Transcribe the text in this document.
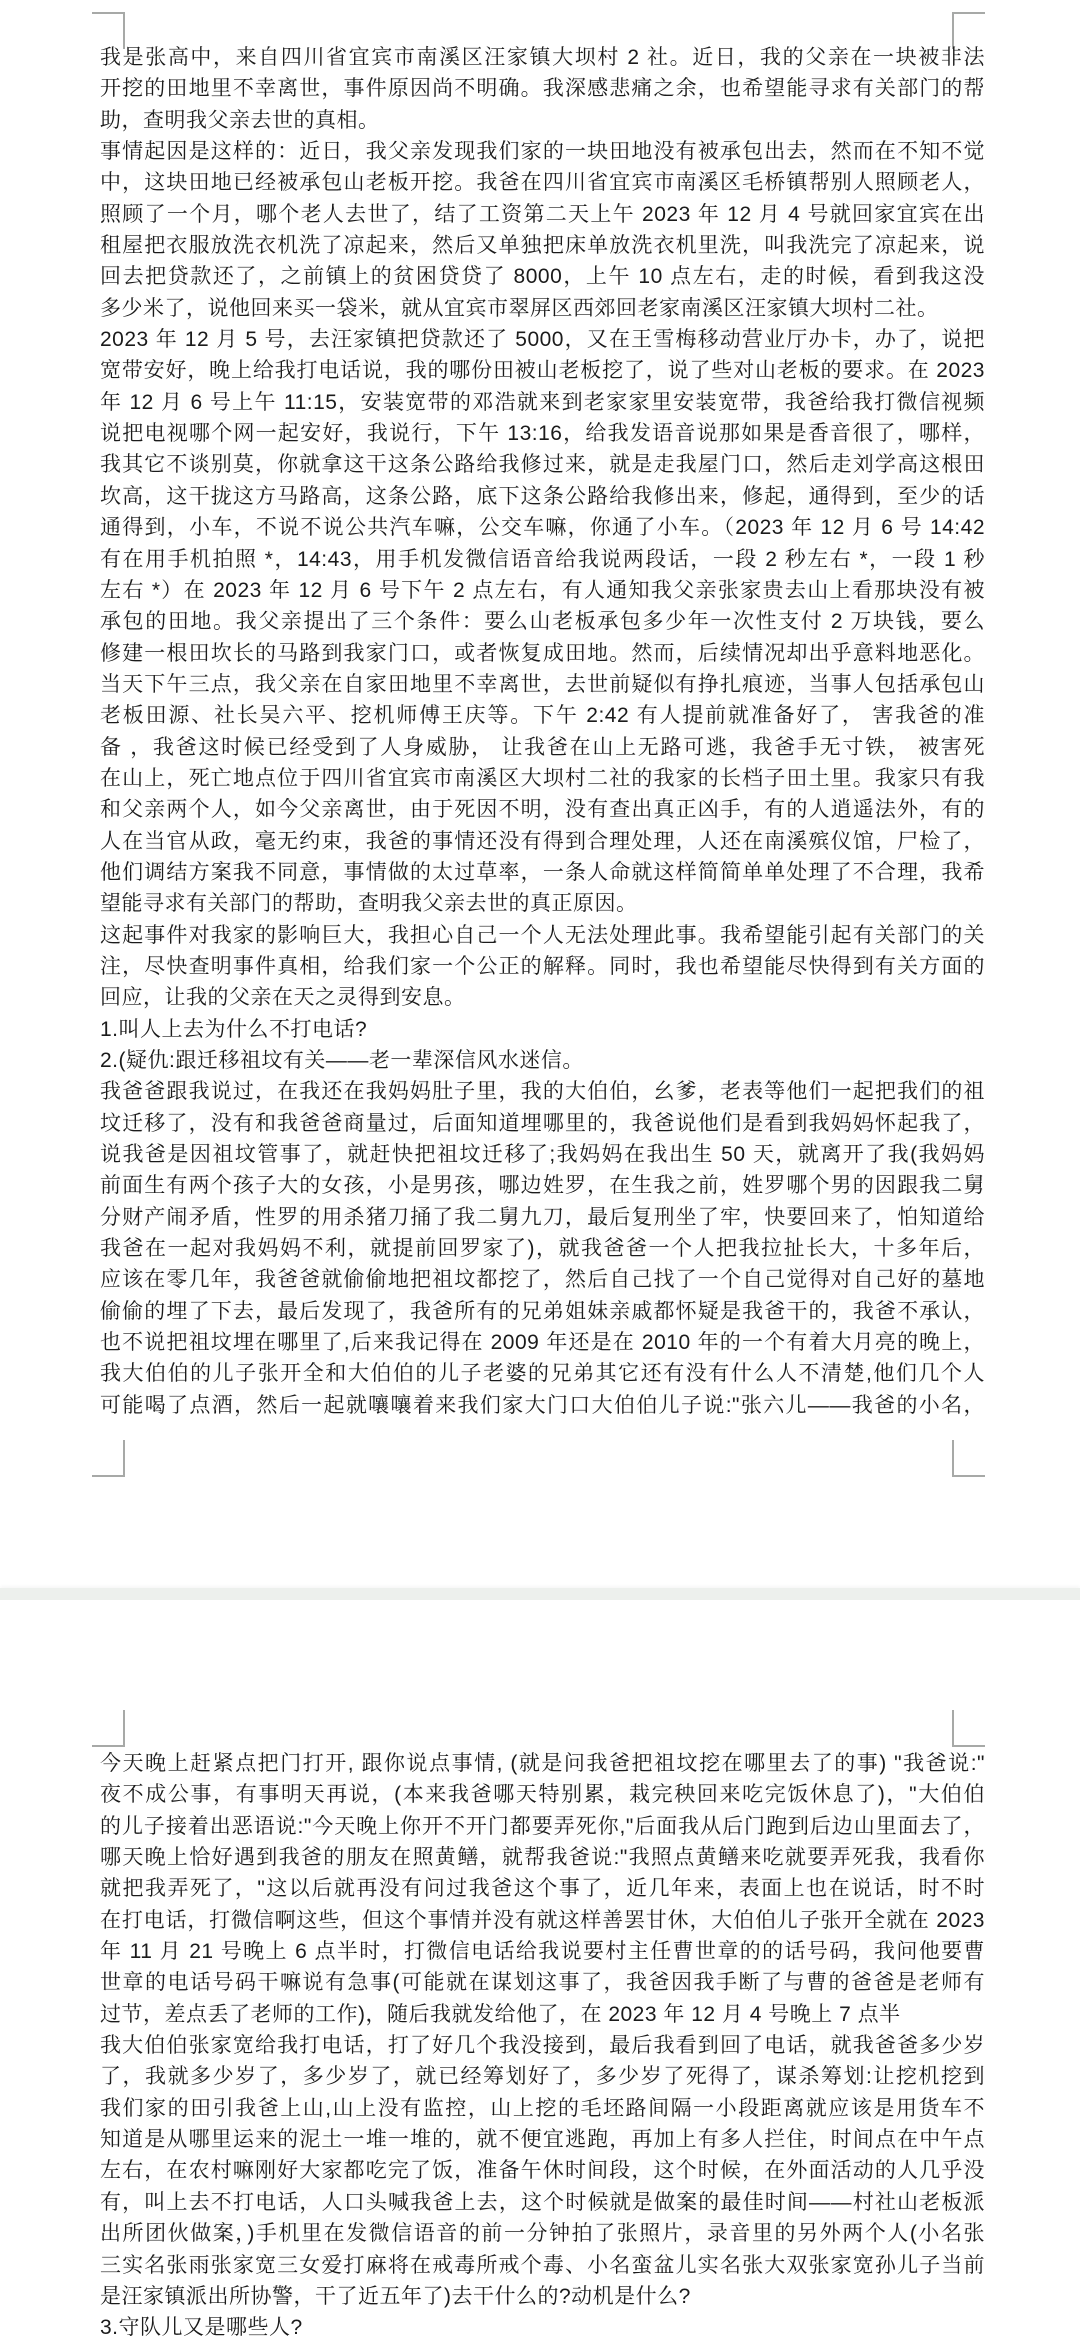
我是张高中，来自四川省宜宾市南溪区汪家镇大坝村 2 社。近日，我的父亲在一块被非法
开挖的田地里不幸离世，事件原因尚不明确。我深感悲痛之余，也希望能寻求有关部门的帮
助，查明我父亲去世的真相。
事情起因是这样的：近日，我父亲发现我们家的一块田地没有被承包出去，然而在不知不觉
中，这块田地已经被承包山老板开挖。我爸在四川省宜宾市南溪区毛桥镇帮别人照顾老人，
照顾了一个月，哪个老人去世了，结了工资第二天上午 2023 年 12 月 4 号就回家宜宾在出
租屋把衣服放洗衣机洗了凉起来，然后又单独把床单放洗衣机里洗，叫我洗完了凉起来，说
回去把贷款还了，之前镇上的贫困贷贷了 8000，上午 10 点左右，走的时候，看到我这没
多少米了，说他回来买一袋米，就从宜宾市翠屏区西郊回老家南溪区汪家镇大坝村二社。
2023 年 12 月 5 号，去汪家镇把贷款还了 5000，又在王雪梅移动营业厅办卡，办了，说把
宽带安好，晚上给我打电话说，我的哪份田被山老板挖了，说了些对山老板的要求。在 2023
年 12 月 6 号上午 11:15，安装宽带的邓浩就来到老家家里安装宽带，我爸给我打微信视频
说把电视哪个网一起安好，我说行，下午 13:16，给我发语音说那如果是香音很了，哪样，
我其它不谈别莫，你就拿这干这条公路给我修过来，就是走我屋门口，然后走刘学高这根田
坎高，这干拢这方马路高，这条公路，底下这条公路给我修出来，修起，通得到，至少的话
通得到，小车，不说不说公共汽车嘛，公交车嘛，你通了小车。（2023 年 12 月 6 号 14:42
有在用手机拍照 *，14:43，用手机发微信语音给我说两段话，一段 2 秒左右 *，一段 1 秒
左右 *）在 2023 年 12 月 6 号下午 2 点左右，有人通知我父亲张家贵去山上看那块没有被
承包的田地。我父亲提出了三个条件：要么山老板承包多少年一次性支付 2 万块钱，要么
修建一根田坎长的马路到我家门口，或者恢复成田地。然而，后续情况却出乎意料地恶化。
当天下午三点，我父亲在自家田地里不幸离世，去世前疑似有挣扎痕迹，当事人包括承包山
老板田源、社长吴六平、挖机师傅王庆等。下午 2:42 有人提前就准备好了， 害我爸的准
备 ，我爸这时候已经受到了人身威胁， 让我爸在山上无路可逃，我爸手无寸铁， 被害死
在山上，死亡地点位于四川省宜宾市南溪区大坝村二社的我家的长档子田土里。我家只有我
和父亲两个人，如今父亲离世，由于死因不明，没有查出真正凶手，有的人逍遥法外，有的
人在当官从政，毫无约束，我爸的事情还没有得到合理处理，人还在南溪殡仪馆，尸检了，
他们调结方案我不同意，事情做的太过草率，一条人命就这样简简单单处理了不合理，我希
望能寻求有关部门的帮助，查明我父亲去世的真正原因。
这起事件对我家的影响巨大，我担心自己一个人无法处理此事。我希望能引起有关部门的关
注，尽快查明事件真相，给我们家一个公正的解释。同时，我也希望能尽快得到有关方面的
回应，让我的父亲在天之灵得到安息。
1.叫人上去为什么不打电话?
2.(疑仇:跟迁移祖坟有关——老一辈深信风水迷信。
我爸爸跟我说过，在我还在我妈妈肚子里，我的大伯伯，幺爹，老表等他们一起把我们的祖
坟迁移了，没有和我爸爸商量过，后面知道埋哪里的，我爸说他们是看到我妈妈怀起我了，
说我爸是因祖坟管事了，就赶快把祖坟迁移了;我妈妈在我出生 50 天，就离开了我(我妈妈
前面生有两个孩子大的女孩，小是男孩，哪边姓罗，在生我之前，姓罗哪个男的因跟我二舅
分财产闹矛盾，性罗的用杀猪刀捅了我二舅九刀，最后复刑坐了牢，快要回来了，怕知道给
我爸在一起对我妈妈不利，就提前回罗家了)，就我爸爸一个人把我拉扯长大，十多年后，
应该在零几年，我爸爸就偷偷地把祖坟都挖了，然后自己找了一个自己觉得对自己好的墓地
偷偷的埋了下去，最后发现了，我爸所有的兄弟姐妹亲戚都怀疑是我爸干的，我爸不承认，
也不说把祖坟埋在哪里了,后来我记得在 2009 年还是在 2010 年的一个有着大月亮的晚上，
我大伯伯的儿子张开全和大伯伯的儿子老婆的兄弟其它还有没有什么人不清楚,他们几个人
可能喝了点酒，然后一起就嚷嚷着来我们家大门口大伯伯儿子说:"张六儿——我爸的小名，
今天晚上赶紧点把门打开, 跟你说点事情, (就是问我爸把祖坟挖在哪里去了的事) "我爸说:"
夜不成公事，有事明天再说，(本来我爸哪天特别累，栽完秧回来吃完饭休息了)，"大伯伯
的儿子接着出恶语说:"今天晚上你开不开门都要弄死你,"后面我从后门跑到后边山里面去了，
哪天晚上恰好遇到我爸的朋友在照黄鳝，就帮我爸说:"我照点黄鳝来吃就要弄死我，我看你
就把我弄死了，"这以后就再没有问过我爸这个事了，近几年来，表面上也在说话，时不时
在打电话，打微信啊这些，但这个事情并没有就这样善罢甘休，大伯伯儿子张开全就在 2023
年 11 月 21 号晚上 6 点半时，打微信电话给我说要村主任曹世章的的话号码，我问他要曹
世章的电话号码干嘛说有急事(可能就在谋划这事了，我爸因我手断了与曹的爸爸是老师有
过节，差点丢了老师的工作)，随后我就发给他了，在 2023 年 12 月 4 号晚上 7 点半
我大伯伯张家宽给我打电话，打了好几个我没接到，最后我看到回了电话，就我爸爸多少岁
了，我就多少岁了，多少岁了，就已经筹划好了，多少岁了死得了，谋杀筹划:让挖机挖到
我们家的田引我爸上山,山上没有监控，山上挖的毛坯路间隔一小段距离就应该是用货车不
知道是从哪里运来的泥土一堆一堆的，就不便宜逃跑，再加上有多人拦住，时间点在中午点
左右，在农村嘛刚好大家都吃完了饭，准备午休时间段，这个时候，在外面活动的人几乎没
有，叫上去不打电话，人口头喊我爸上去，这个时候就是做案的最佳时间——村社山老板派
出所团伙做案，)手机里在发微信语音的前一分钟拍了张照片，录音里的另外两个人(小名张
三实名张雨张家宽三女爱打麻将在戒毒所戒个毒、小名蛮盆儿实名张大双张家宽孙儿子当前
是汪家镇派出所协警，干了近五年了)去干什么的?动机是什么?
3.守队儿又是哪些人?
